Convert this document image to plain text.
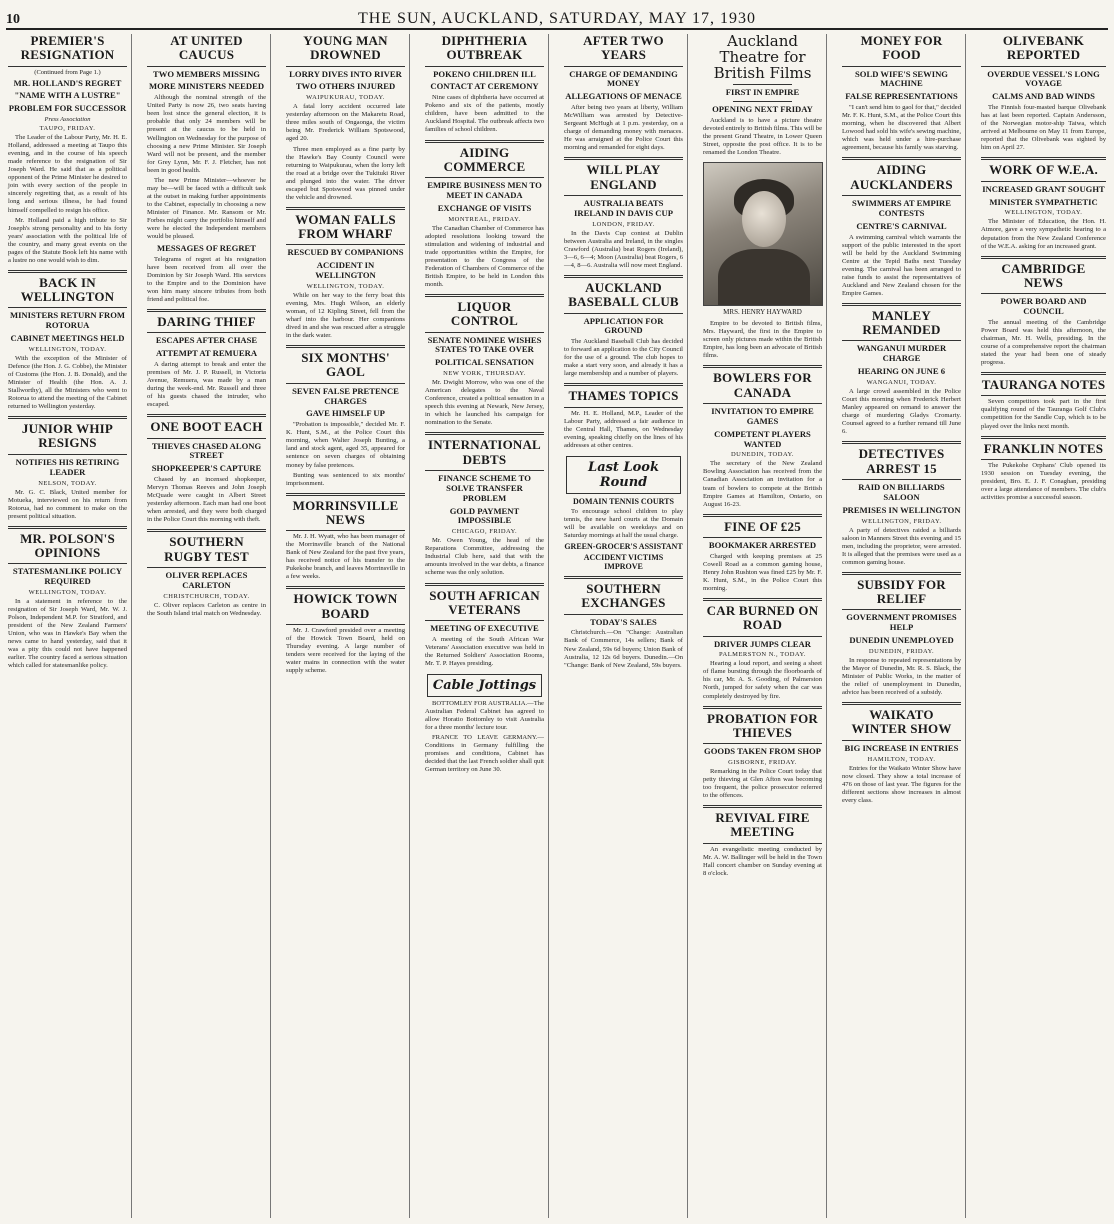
10	THE SUN, AUCKLAND, SATURDAY, MAY 17, 1930
PREMIER'S RESIGNATION
(Continued from Page 1.)
MR. HOLLAND'S REGRET
"NAME WITH A LUSTRE"
PROBLEM FOR SUCCESSOR
Press Association
TAUPO, FRIDAY.

The Leader of the Labour Party, Mr. H. E. Holland, addressed a meeting at Taupo this evening, and in the course of his speech made reference to the resignation of Sir Joseph Ward. He said that as a political opponent of the Prime Minister he desired to join with every section of the people in sincerely regretting that, as a result of his long and serious illness, he had found himself compelled to resign his office.

Mr. Holland paid a high tribute to Sir Joseph's strong personality and to his forty years' association with the political life of the country, and many great events on the pages of the Statute Book left his name with a lustre no one would wish to dim.

BACK IN WELLINGTON
MINISTERS RETURN FROM ROTORUA
CABINET MEETINGS HELD
WELLINGTON, TODAY.

With the exception of the Minister of Defence (the Hon. J. G. Cobbe), the Minister of Customs (the Hon. J. B. Donald), and the Minister of Health (the Hon. A. J. Stallworthy), all the Ministers who went to Rotorua to attend the meeting of the Cabinet returned to Wellington yesterday.

JUNIOR WHIP RESIGNS
NOTIFIES HIS RETIRING LEADER
NELSON, TODAY.

Mr. G. C. Black, United member for Motueka, interviewed on his return from Rotorua, had no comment to make on the present political situation.

MR. POLSON'S OPINIONS
STATESMANLIKE POLICY REQUIRED
WELLINGTON, TODAY.

In a statement in reference to the resignation of Sir Joseph Ward, Mr. W. J. Polson, Independent M.P. for Stratford, and president of the New Zealand Farmers' Union, who was in Hawke's Bay when the news came to hand yesterday, said that it was a pity this could not have happened earlier. The country faced a serious situation which called for statesmanlike policy.

AT UNITED CAUCUS
TWO MEMBERS MISSING
MORE MINISTERS NEEDED

Although the nominal strength of the United Party is now 26, two seats having been lost since the general election, it is probable that only 24 members will be present at the caucus to be held in Wellington on Wednesday for the purpose of choosing a new Prime Minister. Sir Joseph Ward will not be present, and the member for Grey Lynn, Mr. F. J. Fletcher, has not been in good health.

The new Prime Minister—whoever he may be—will be faced with a difficult task at the outset in making further appointments to the Cabinet, especially in choosing a new Minister of Finance. Mr. Ransom or Mr. Forbes might carry the portfolio himself and were he elected the Independent members would be pleased.

MESSAGES OF REGRET

Telegrams of regret at his resignation have been received from all over the Dominion by Sir Joseph Ward. His services to the Empire and to the Dominion have won him many sincere tributes from both friend and political foe.

DARING THIEF
ESCAPES AFTER CHASE
ATTEMPT AT REMUERA

A daring attempt to break and enter the premises of Mr. J. P. Russell, in Victoria Avenue, Remuera, was made by a man during the week-end. Mr. Russell and three of his guests chased the intruder, who escaped.

ONE BOOT EACH
THIEVES CHASED ALONG STREET
SHOPKEEPER'S CAPTURE

Chased by an incensed shopkeeper, Mervyn Thomas Reeves and John Joseph McQuade were caught in Albert Street yesterday afternoon. Each man had one boot when arrested, and they were both charged in the Police Court this morning with theft.

SOUTHERN RUGBY TEST
OLIVER REPLACES CARLETON
CHRISTCHURCH, TODAY.

C. Oliver replaces Carleton as centre in the South Island trial match on Wednesday.

YOUNG MAN DROWNED
LORRY DIVES INTO RIVER
TWO OTHERS INJURED
WAIPUKURAU, TODAY.

A fatal lorry accident occurred late yesterday afternoon on the Makaretu Road, three miles south of Ongaonga, the victim being Mr. Frederick William Spotswood, aged 20.

Three men employed as a fine party by the Hawke's Bay County Council were returning to Waipukurau, when the lorry left the road at a bridge over the Tukituki River and plunged into the water. The driver escaped but Spotswood was pinned under the vehicle and drowned.

WOMAN FALLS FROM WHARF
RESCUED BY COMPANIONS
ACCIDENT IN WELLINGTON
WELLINGTON, TODAY.

While on her way to the ferry boat this evening, Mrs. Hugh Wilson, an elderly woman, of 12 Kipling Street, fell from the wharf into the harbour. Her companions dived in and she was rescued after a struggle in the dark water.

SIX MONTHS' GAOL
SEVEN FALSE PRETENCE CHARGES
GAVE HIMSELF UP

"Probation is impossible," decided Mr. F. K. Hunt, S.M., at the Police Court this morning, when Walter Joseph Bunting, a land and stock agent, aged 35, appeared for sentence on seven charges of obtaining money by false pretences.

Bunting was sentenced to six months' imprisonment.

MORRINSVILLE NEWS

Mr. J. H. Wyatt, who has been manager of the Morrinsville branch of the National Bank of New Zealand for the past five years, has received notice of his transfer to the Pukekohe branch, and leaves Morrinsville in a few weeks.

HOWICK TOWN BOARD

Mr. J. Crawford presided over a meeting of the Howick Town Board, held on Thursday evening. A large number of tenders were received for the laying of the water mains in connection with the water supply scheme.

DIPHTHERIA OUTBREAK
POKENO CHILDREN ILL
CONTACT AT CEREMONY

Nine cases of diphtheria have occurred at Pokeno and six of the patients, mostly children, have been admitted to the Auckland Hospital. The outbreak affects two families of school children.

AIDING COMMERCE
EMPIRE BUSINESS MEN TO MEET IN CANADA
EXCHANGE OF VISITS
MONTREAL, FRIDAY.

The Canadian Chamber of Commerce has adopted resolutions looking toward the stimulation and widening of industrial and trade opportunities within the Empire, for presentation to the Congress of the Federation of Chambers of Commerce of the British Empire, to be held in London this month.

LIQUOR CONTROL
SENATE NOMINEE WISHES STATES TO TAKE OVER
POLITICAL SENSATION
NEW YORK, THURSDAY.

Mr. Dwight Morrow, who was one of the American delegates to the Naval Conference, created a political sensation in a speech this evening at Newark, New Jersey, in which he launched his campaign for nomination to the Senate.

INTERNATIONAL DEBTS
FINANCE SCHEME TO SOLVE TRANSFER PROBLEM
GOLD PAYMENT IMPOSSIBLE
CHICAGO, FRIDAY.

Mr. Owen Young, the head of the Reparations Committee, addressing the Industrial Club here, said that with the amounts involved in the war debts, a finance scheme was the only solution.

SOUTH AFRICAN VETERANS
MEETING OF EXECUTIVE

A meeting of the South African War Veterans' Association executive was held in the Returned Soldiers' Association Rooms, Mr. T. P. Hayes presiding.

Cable Jottings

BOTTOMLEY FOR AUSTRALIA.—The Australian Federal Cabinet has agreed to allow Horatio Bottomley to visit Australia for a three months' lecture tour.

FRANCE TO LEAVE GERMANY.—Conditions in Germany fulfilling the promises and conditions, Cabinet has decided that the last French soldier shall quit German territory on June 30.

AFTER TWO YEARS
CHARGE OF DEMANDING MONEY
ALLEGATIONS OF MENACE

After being two years at liberty, William McWilliam was arrested by Detective-Sergeant McHugh at 1 p.m. yesterday, on a charge of demanding money with menaces. He was arraigned at the Police Court this morning and remanded for eight days.

WILL PLAY ENGLAND
AUSTRALIA BEATS IRELAND IN DAVIS CUP
LONDON, FRIDAY.

In the Davis Cup contest at Dublin between Australia and Ireland, in the singles Crawford (Australia) beat Rogers (Ireland), 3—6, 6—4; Moon (Australia) beat Rogers, 6—4, 8—6. Australia will now meet England.

AUCKLAND BASEBALL CLUB
APPLICATION FOR GROUND

The Auckland Baseball Club has decided to forward an application to the City Council for the use of a ground. The club hopes to make a start very soon, and already it has a large membership and a number of players.

THAMES TOPICS

Mr. H. E. Holland, M.P., Leader of the Labour Party, addressed a fair audience in the Central Hall, Thames, on Wednesday evening, speaking chiefly on the lines of his addresses at other centres.

Last Look Round
DOMAIN TENNIS COURTS

To encourage school children to play tennis, the new hard courts at the Domain will be available on weekdays and on Saturday mornings at half the usual charge.

GREEN-GROCER'S ASSISTANT
ACCIDENT VICTIMS IMPROVE
SOUTHERN EXCHANGES
TODAY'S SALES

Christchurch.—On "Change: Australian Bank of Commerce, 14s sellers; Bank of New Zealand, 59s 6d buyers; Union Bank of Australia, 12 12s 6d buyers. Dunedin.—On "Change: Bank of New Zealand, 59s buyers.

Auckland Theatre for British Films
FIRST IN EMPIRE
OPENING NEXT FRIDAY

Auckland is to have a picture theatre devoted entirely to British films. This will be the present Grand Theatre, in Lower Queen Street, opposite the post office. It is to be renamed the London Theatre.

MRS. HENRY HAYWARD

Empire to be devoted to British films, Mrs. Hayward, the first in the Empire to screen only pictures made within the British Empire, has long been an advocate of British films.

BOWLERS FOR CANADA
INVITATION TO EMPIRE GAMES
COMPETENT PLAYERS WANTED
DUNEDIN, TODAY.

The secretary of the New Zealand Bowling Association has received from the Canadian Association an invitation for a team of bowlers to compete at the British Empire Games at Hamilton, Ontario, on August 16-23.

FINE OF £25
BOOKMAKER ARRESTED

Charged with keeping premises at 25 Cowell Road as a common gaming house, Henry John Rushton was fined £25 by Mr. F. K. Hunt, S.M., in the Police Court this morning.

CAR BURNED ON ROAD
DRIVER JUMPS CLEAR
PALMERSTON N., TODAY.

Hearing a loud report, and seeing a sheet of flame bursting through the floorboards of his car, Mr. A. S. Gooding, of Palmerston North, jumped for safety when the car was completely destroyed by fire.

PROBATION FOR THIEVES
GOODS TAKEN FROM SHOP
GISBORNE, FRIDAY.

Remarking in the Police Court today that petty thieving at Glen Afton was becoming too frequent, the police prosecutor referred to the offences.

REVIVAL FIRE MEETING

An evangelistic meeting conducted by Mr. A. W. Ballinger will be held in the Town Hall concert chamber on Sunday evening at 8 o'clock.

MONEY FOR FOOD
SOLD WIFE'S SEWING MACHINE
FALSE REPRESENTATIONS

"I can't send him to gaol for that," decided Mr. F. K. Hunt, S.M., at the Police Court this morning, when he discovered that Albert Lowood had sold his wife's sewing machine, which was held under a hire-purchase agreement, because his family was starving.

AIDING AUCKLANDERS
SWIMMERS AT EMPIRE CONTESTS
CENTRE'S CARNIVAL

A swimming carnival which warrants the support of the public interested in the sport will be held by the Auckland Swimming Centre at the Tepid Baths next Tuesday evening. The carnival has been arranged to raise funds to assist the representatives of Auckland and New Zealand chosen for the Empire Games.

MANLEY REMANDED
WANGANUI MURDER CHARGE
HEARING ON JUNE 6
WANGANUI, TODAY.

A large crowd assembled in the Police Court this morning when Frederick Herbert Manley appeared on remand to answer the charge of murdering Gladys Cromarty. Counsel agreed to a further remand till June 6.

DETECTIVES ARREST 15
RAID ON BILLIARDS SALOON
PREMISES IN WELLINGTON
WELLINGTON, FRIDAY.

A party of detectives raided a billiards saloon in Manners Street this evening and 15 men, including the proprietor, were arrested. It is alleged that the premises were used as a common gaming house.

SUBSIDY FOR RELIEF
GOVERNMENT PROMISES HELP
DUNEDIN UNEMPLOYED
DUNEDIN, FRIDAY.

In response to repeated representations by the Mayor of Dunedin, Mr. R. S. Black, the Minister of Public Works, in the matter of the relief of unemployment in Dunedin, advice has been received of a subsidy.

WAIKATO WINTER SHOW
BIG INCREASE IN ENTRIES
HAMILTON, TODAY.

Entries for the Waikato Winter Show have now closed. They show a total increase of 476 on those of last year. The figures for the different sections show increases in almost every class.

OLIVEBANK REPORTED
OVERDUE VESSEL'S LONG VOYAGE
CALMS AND BAD WINDS

The Finnish four-masted barque Olivebank has at last been reported. Captain Andersson, of the Norwegian motor-ship Taiwa, which arrived at Melbourne on May 11 from Europe, reported that the Olivebank was sighted by him on April 27.

WORK OF W.E.A.
INCREASED GRANT SOUGHT
MINISTER SYMPATHETIC
WELLINGTON, TODAY.

The Minister of Education, the Hon. H. Atmore, gave a very sympathetic hearing to a deputation from the New Zealand Conference of the W.E.A. asking for an increased grant.

CAMBRIDGE NEWS
POWER BOARD AND COUNCIL

The annual meeting of the Cambridge Power Board was held this afternoon, the chairman, Mr. H. Wells, presiding. In the course of a comprehensive report the chairman stated the year had been one of steady progress.

TAURANGA NOTES

Seven competitors took part in the first qualifying round of the Tauranga Golf Club's competition for the Sandle Cup, which is to be played over the links next month.

FRANKLIN NOTES

The Pukekohe Orphans' Club opened its 1930 session on Tuesday evening, the president, Bro. E. J. F. Conaghan, presiding over a large attendance of members. The club's activities promise a successful season.
